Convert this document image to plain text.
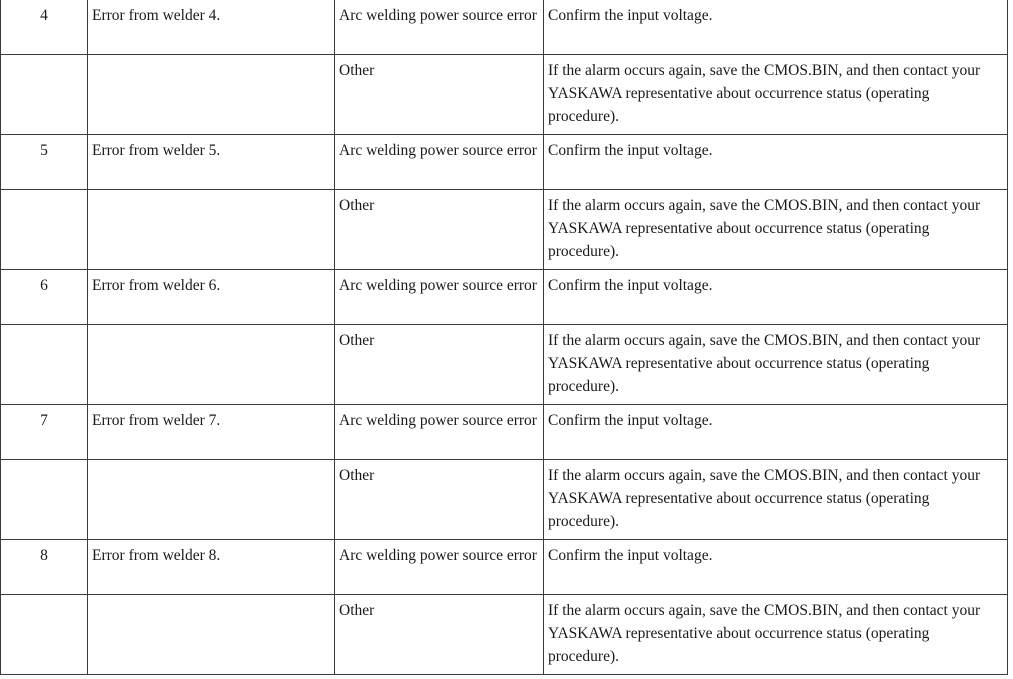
4	Error from welder 4.	Arc welding power source error	Confirm the input voltage.
		Other	If the alarm occurs again, save the CMOS.BIN, and then contact your YASKAWA representative about occurrence status (operating procedure).
5	Error from welder 5.	Arc welding power source error	Confirm the input voltage.
		Other	If the alarm occurs again, save the CMOS.BIN, and then contact your YASKAWA representative about occurrence status (operating procedure).
6	Error from welder 6.	Arc welding power source error	Confirm the input voltage.
		Other	If the alarm occurs again, save the CMOS.BIN, and then contact your YASKAWA representative about occurrence status (operating procedure).
7	Error from welder 7.	Arc welding power source error	Confirm the input voltage.
		Other	If the alarm occurs again, save the CMOS.BIN, and then contact your YASKAWA representative about occurrence status (operating procedure).
8	Error from welder 8.	Arc welding power source error	Confirm the input voltage.
		Other	If the alarm occurs again, save the CMOS.BIN, and then contact your YASKAWA representative about occurrence status (operating procedure).
